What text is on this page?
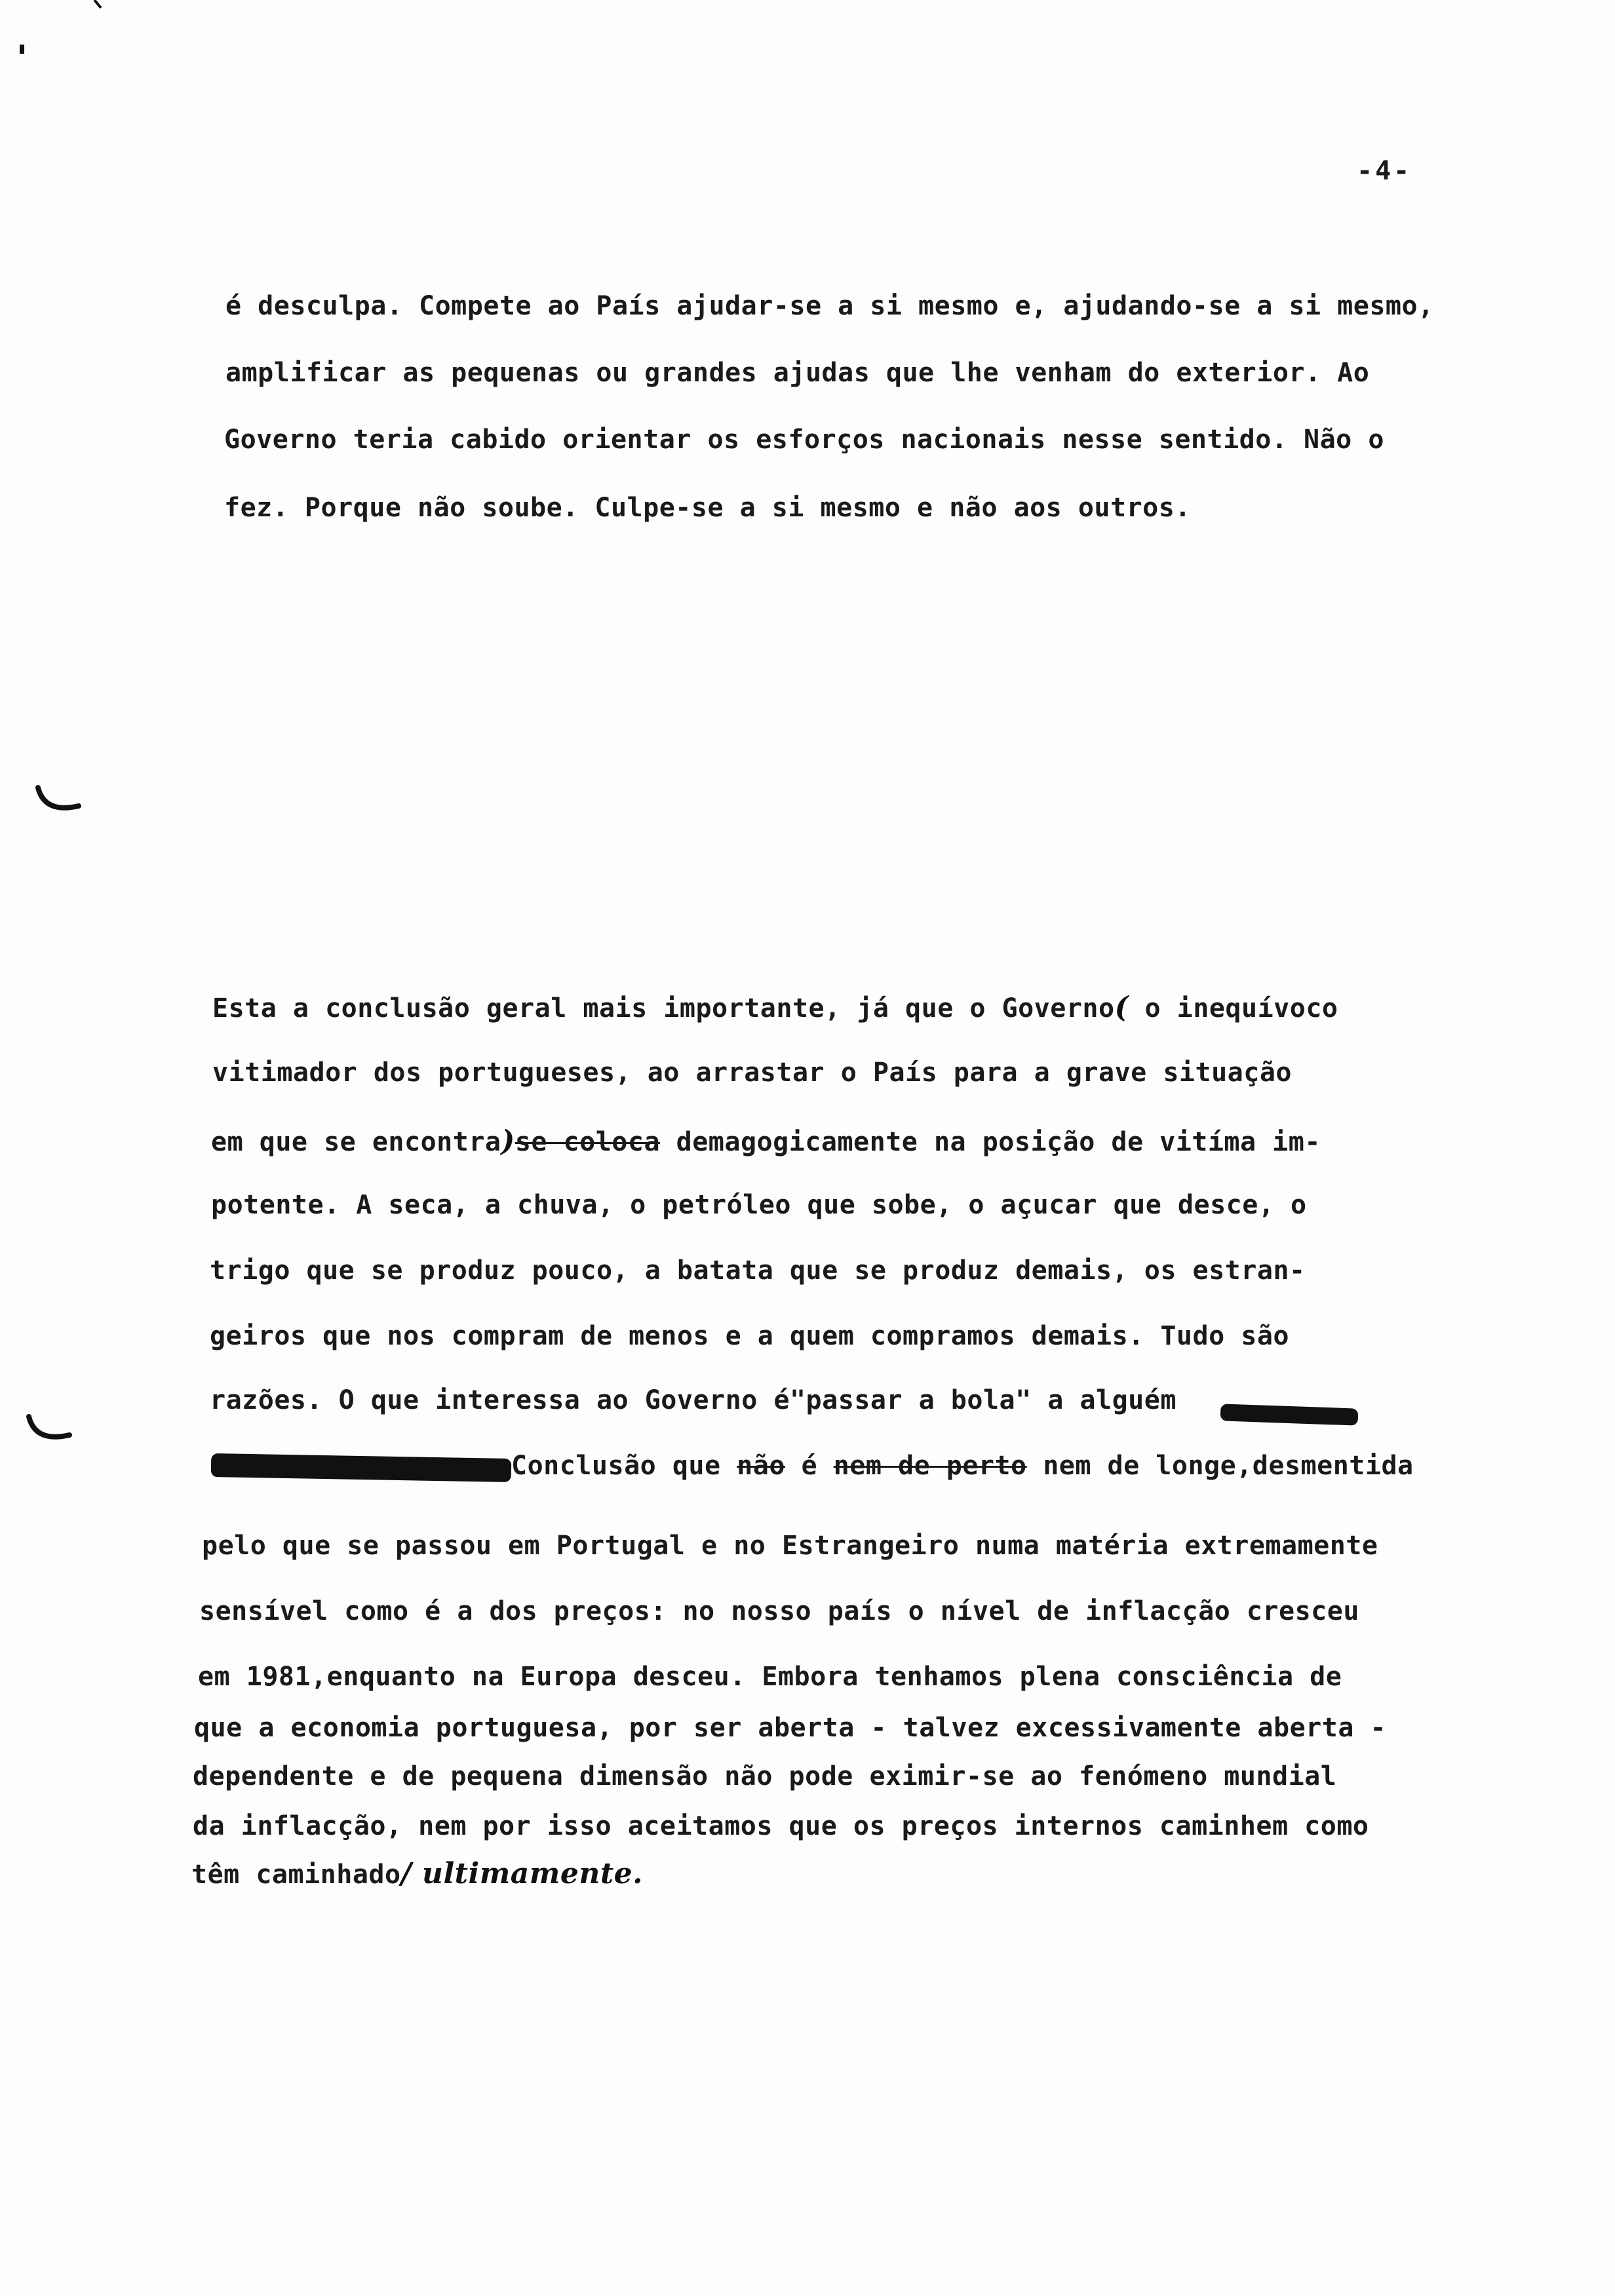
-4-
é desculpa. Compete ao País ajudar-se a si mesmo e, ajudando-se a si mesmo,
amplificar as pequenas ou grandes ajudas que lhe venham do exterior. Ao
Governo teria cabido orientar os esforços nacionais nesse sentido. Não o
fez. Porque não soube. Culpe-se a si mesmo e não aos outros.
Esta a conclusão geral mais importante, já que o Governo( o inequívoco
vitimador dos portugueses, ao arrastar o País para a grave situação
em que se encontra)se coloca demagogicamente na posição de vitíma im-
potente. A seca, a chuva, o petróleo que sobe, o açucar que desce, o
trigo que se produz pouco, a batata que se produz demais, os estran-
geiros que nos compram de menos e a quem compramos demais. Tudo são
razões. O que interessa ao Governo é"passar a bola" a alguém
Conclusão que não é nem de perto nem de longe,desmentida
pelo que se passou em Portugal e no Estrangeiro numa matéria extremamente
sensível como é a dos preços: no nosso país o nível de inflacção cresceu
em 1981,enquanto na Europa desceu. Embora tenhamos plena consciência de
que a economia portuguesa, por ser aberta - talvez excessivamente aberta -
dependente e de pequena dimensão não pode eximir-se ao fenómeno mundial
da inflacção, nem por isso aceitamos que os preços internos caminhem como
têm caminhado/ ultimamente.
